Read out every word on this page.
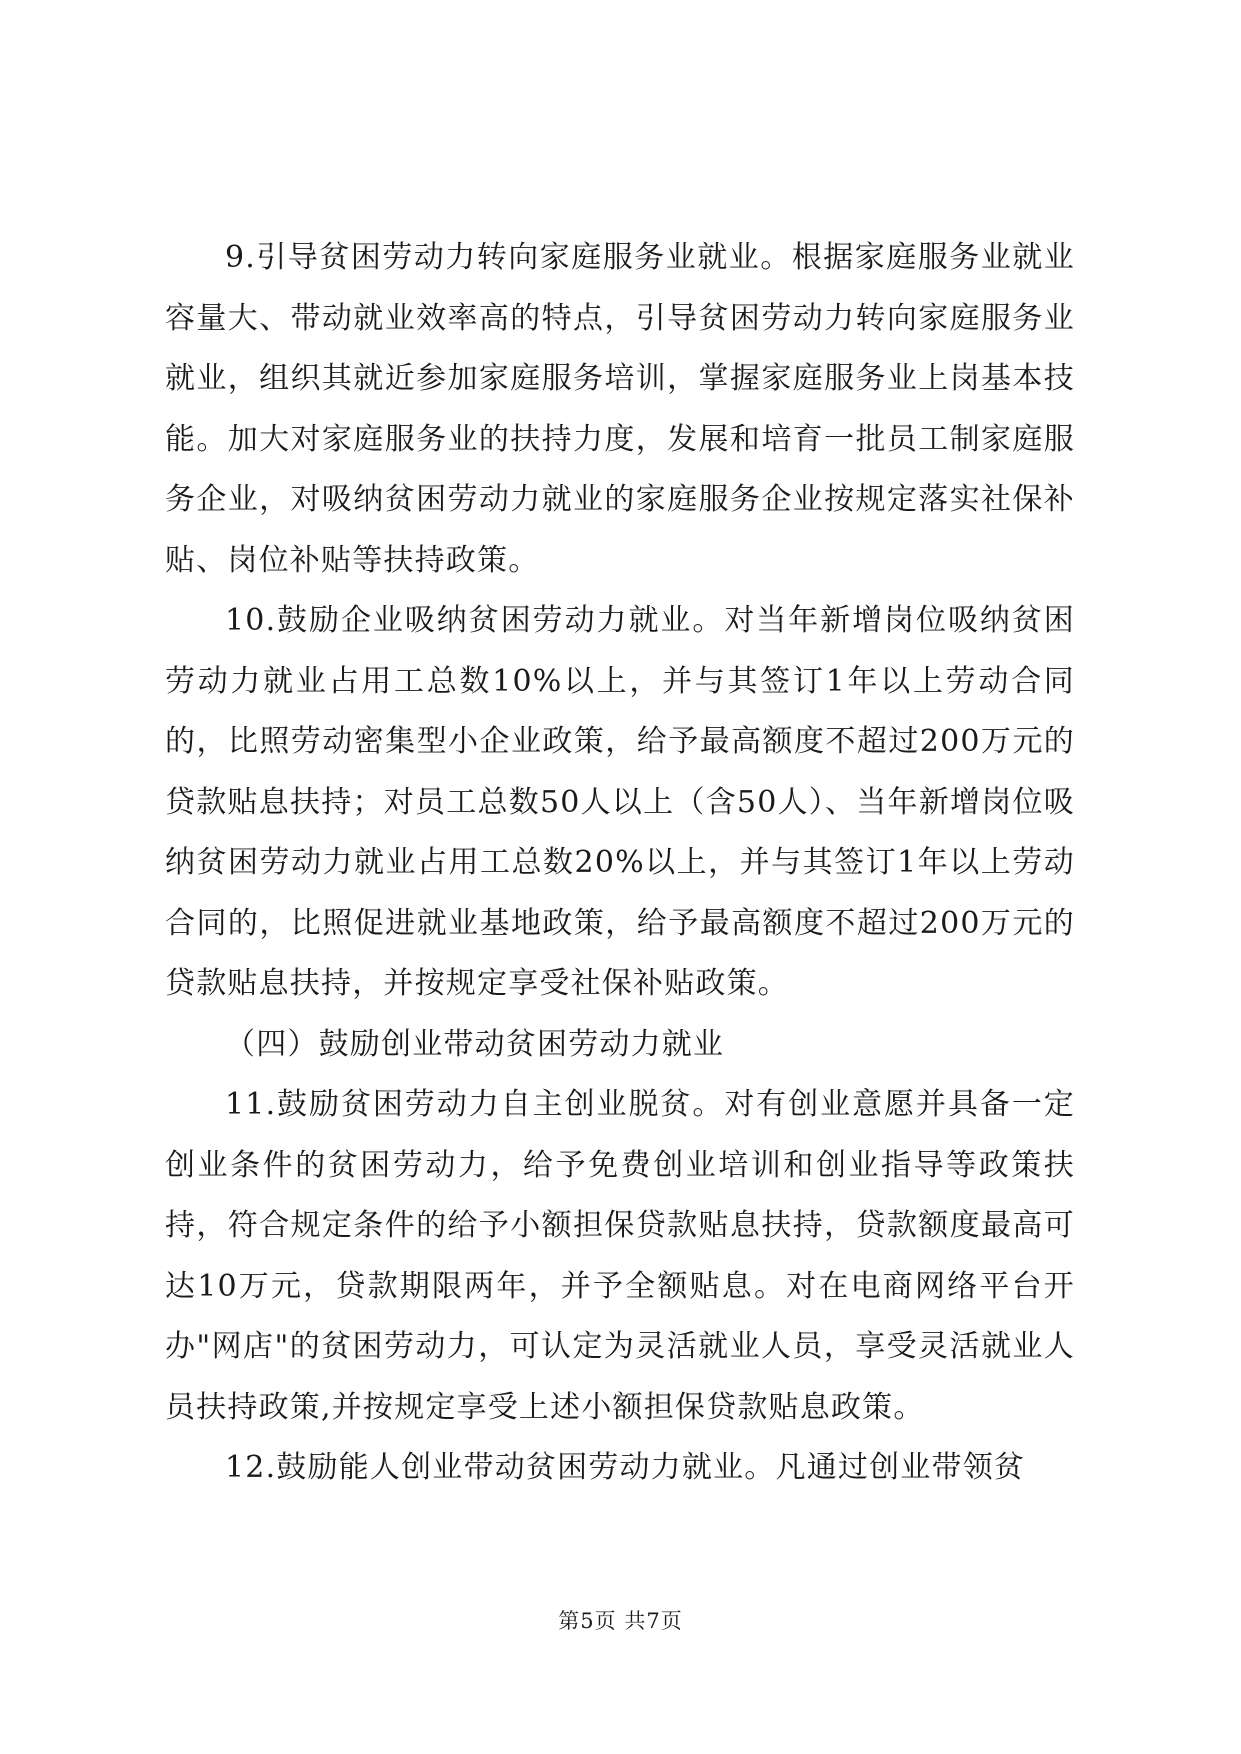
9.引导贫困劳动力转向家庭服务业就业。根据家庭服务业就业容量大、带动就业效率高的特点，引导贫困劳动力转向家庭服务业就业，组织其就近参加家庭服务培训，掌握家庭服务业上岗基本技能。加大对家庭服务业的扶持力度，发展和培育一批员工制家庭服务企业，对吸纳贫困劳动力就业的家庭服务企业按规定落实社保补贴、岗位补贴等扶持政策。

10.鼓励企业吸纳贫困劳动力就业。对当年新增岗位吸纳贫困劳动力就业占用工总数10%以上，并与其签订1年以上劳动合同的，比照劳动密集型小企业政策，给予最高额度不超过200万元的贷款贴息扶持；对员工总数50人以上（含50人）、当年新增岗位吸纳贫困劳动力就业占用工总数20%以上，并与其签订1年以上劳动合同的，比照促进就业基地政策，给予最高额度不超过200万元的贷款贴息扶持，并按规定享受社保补贴政策。

（四）鼓励创业带动贫困劳动力就业

11.鼓励贫困劳动力自主创业脱贫。对有创业意愿并具备一定创业条件的贫困劳动力，给予免费创业培训和创业指导等政策扶持，符合规定条件的给予小额担保贷款贴息扶持，贷款额度最高可达10万元，贷款期限两年，并予全额贴息。对在电商网络平台开办"网店"的贫困劳动力，可认定为灵活就业人员，享受灵活就业人员扶持政策,并按规定享受上述小额担保贷款贴息政策。

12.鼓励能人创业带动贫困劳动力就业。凡通过创业带领贫

第5页 共7页
